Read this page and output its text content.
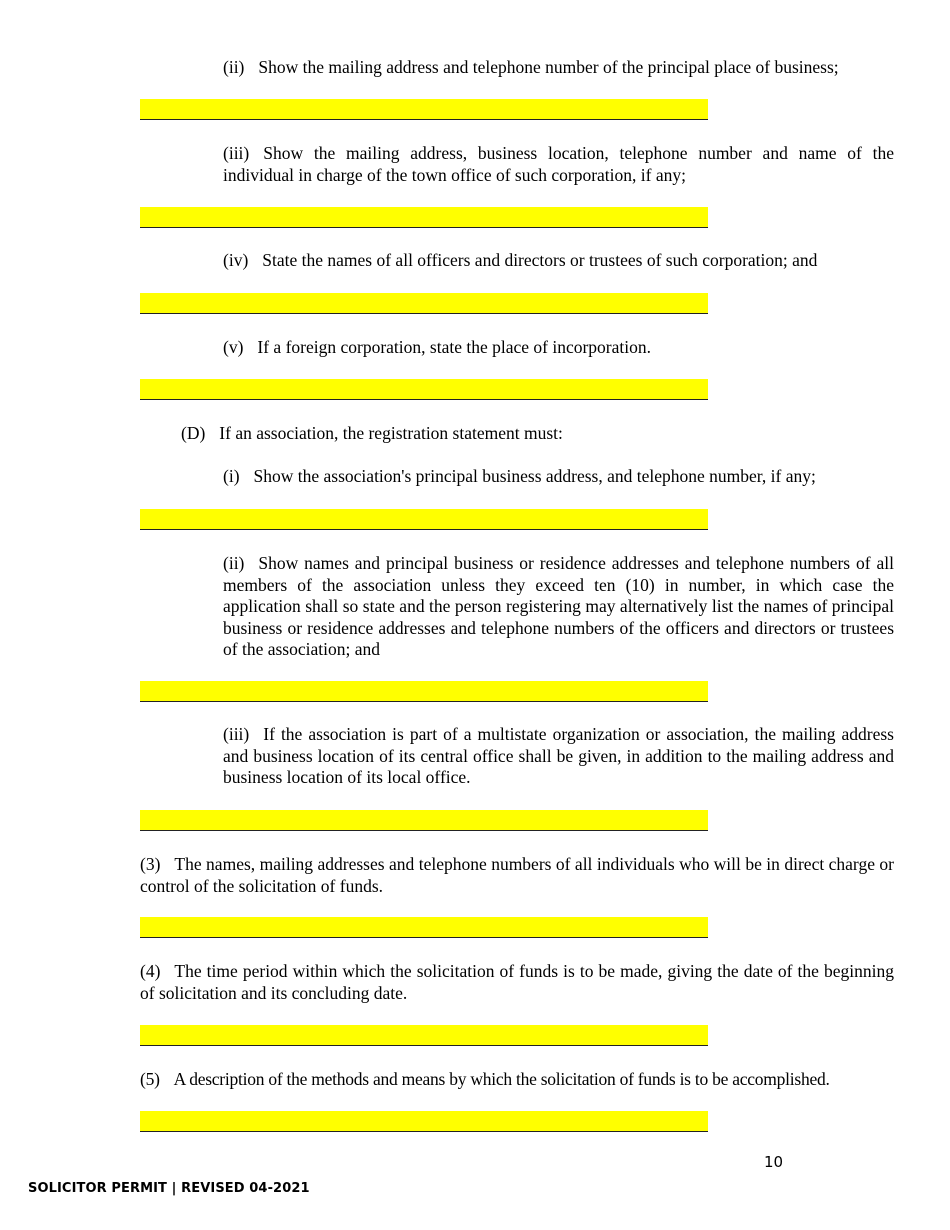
(ii) Show the mailing address and telephone number of the principal place of business;
(iii) Show the mailing address, business location, telephone number and name of the individual in charge of the town office of such corporation, if any;
(iv) State the names of all officers and directors or trustees of such corporation; and
(v) If a foreign corporation, state the place of incorporation.
(D) If an association, the registration statement must:
(i) Show the association's principal business address, and telephone number, if any;
(ii) Show names and principal business or residence addresses and telephone numbers of all members of the association unless they exceed ten (10) in number, in which case the application shall so state and the person registering may alternatively list the names of principal business or residence addresses and telephone numbers of the officers and directors or trustees of the association; and
(iii) If the association is part of a multistate organization or association, the mailing address and business location of its central office shall be given, in addition to the mailing address and business location of its local office.
(3) The names, mailing addresses and telephone numbers of all individuals who will be in direct charge or control of the solicitation of funds.
(4) The time period within which the solicitation of funds is to be made, giving the date of the beginning of solicitation and its concluding date.
(5) A description of the methods and means by which the solicitation of funds is to be accomplished.
10
SOLICITOR PERMIT | REVISED 04-2021
